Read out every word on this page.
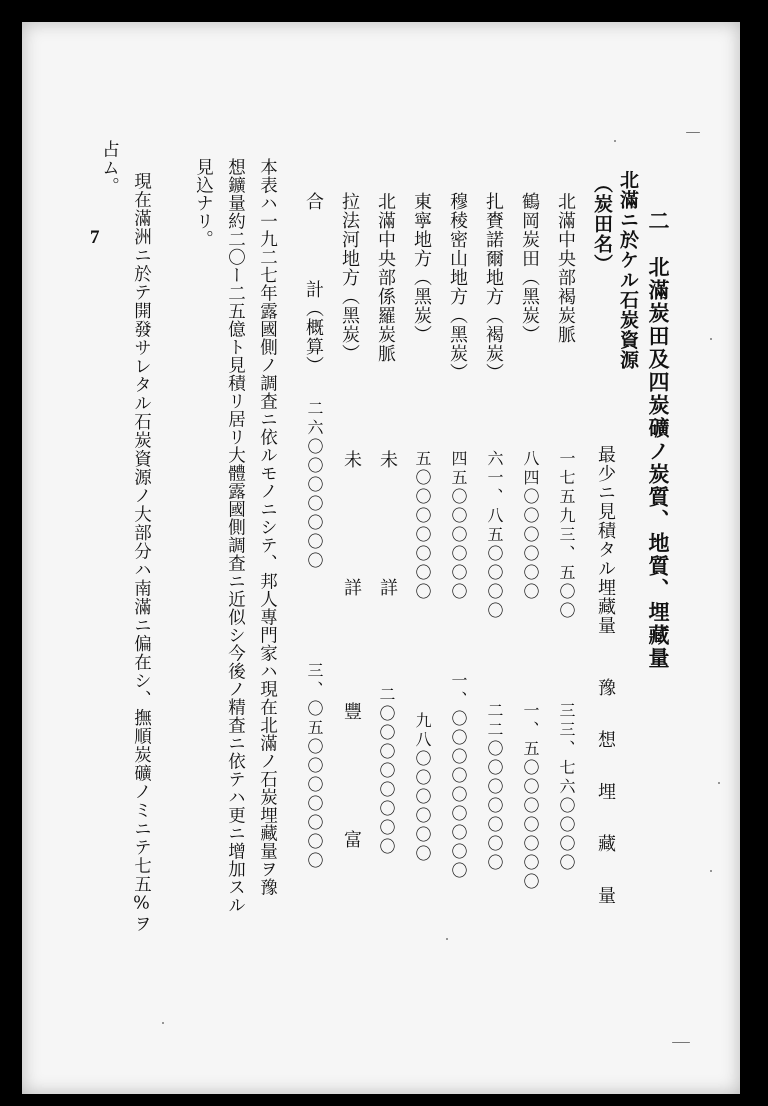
二　北滿炭田及四炭礦ノ炭質、地質、埋藏量
北滿ニ於ケル石炭資源
（炭田名）
最少ニ見積タル埋藏量
豫　想　埋　藏　量
北滿中央部褐炭脈
一七五九三、五〇〇
三三、七六〇〇〇〇
鶴岡炭田（黑炭）
八四〇〇〇〇〇〇
一、五〇〇〇〇〇〇〇
扎賚諾爾地方（褐炭）
六一、八五〇〇〇〇
二二〇〇〇〇〇〇〇
穆稜密山地方（黑炭）
四五〇〇〇〇〇〇
一、〇〇〇〇〇〇〇〇〇
東寧地方（黑炭）
五〇〇〇〇〇〇〇
九八〇〇〇〇〇〇
北滿中央部係羅炭脈
未　　　詳
二〇〇〇〇〇〇〇〇
拉法河地方（黑炭）
未　　　詳
豐　　　富
合
計（概算）
二六〇〇〇〇〇〇〇
三、〇五〇〇〇〇〇〇〇
本表ハ一九二七年露國側ノ調査ニ依ルモノニシテ、邦人專門家ハ現在北滿ノ石炭埋藏量ヲ豫
想鑛量約二〇ー二五億ト見積リ居リ大體露國側調査ニ近似シ今後ノ精査ニ依テハ更ニ增加スル
見込ナリ。
現在滿洲ニ於テ開發サレタル石炭資源ノ大部分ハ南滿ニ偏在シ、撫順炭礦ノミニテ七五%ヲ
占ム。
7
